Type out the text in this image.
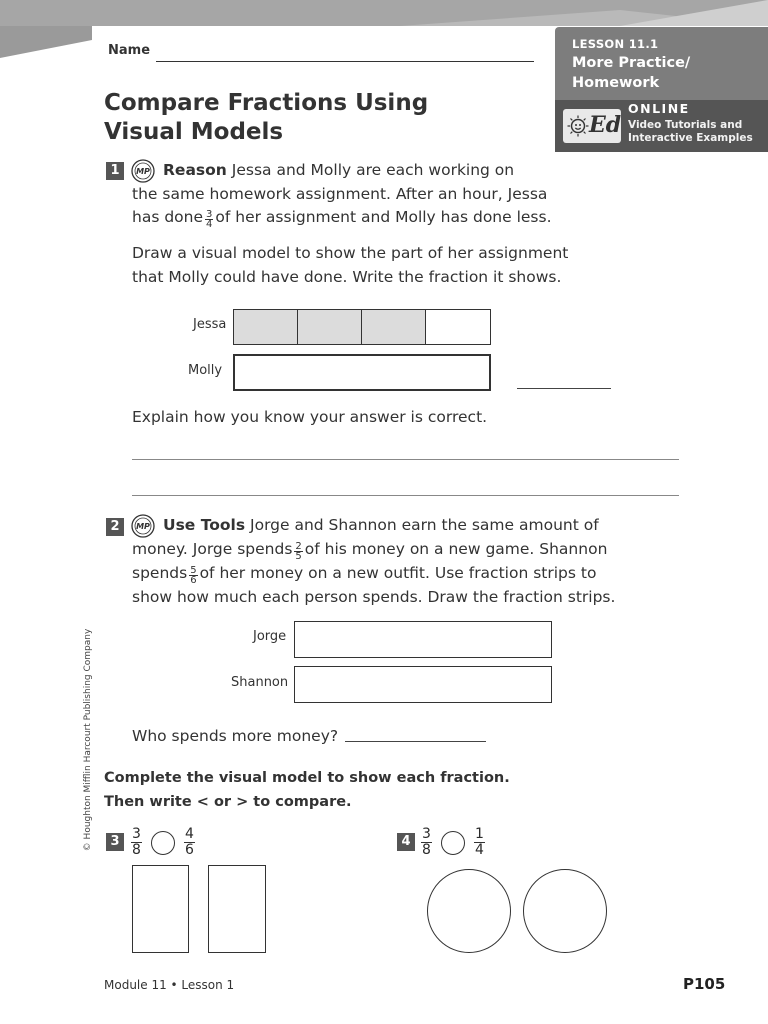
Name	LESSON 11.1
More Practice/
Homework
Ed
ONLINE
Video Tutorials and
Interactive Examples
Compare Fractions Using
Visual Models
© Houghton Mifflin Harcourt Publishing Company
1	MP Reason Jessa and Molly are each working on
the same homework assignment. After an hour, Jessa
has done $\frac{3}{4}$ of her assignment and Molly has done less.
Draw a visual model to show the part of her assignment
that Molly could have done. Write the fraction it shows.
Jessa
Molly
Explain how you know your answer is correct.
2	MP Use Tools Jorge and Shannon earn the same amount of
money. Jorge spends $\frac{2}{5}$ of his money on a new game. Shannon
spends $\frac{5}{6}$ of her money on a new outfit. Use fraction strips to
show how much each person spends. Draw the fraction strips.
Jorge
Shannon
Who spends more money?
Complete the visual model to show each fraction.
Then write < or > to compare.
$3 \frac{3}{8}$	$\frac{4}{6}$	$4 \frac{3}{8}$	$\frac{1}{4}$
Module 11 • Lesson 1	P105
